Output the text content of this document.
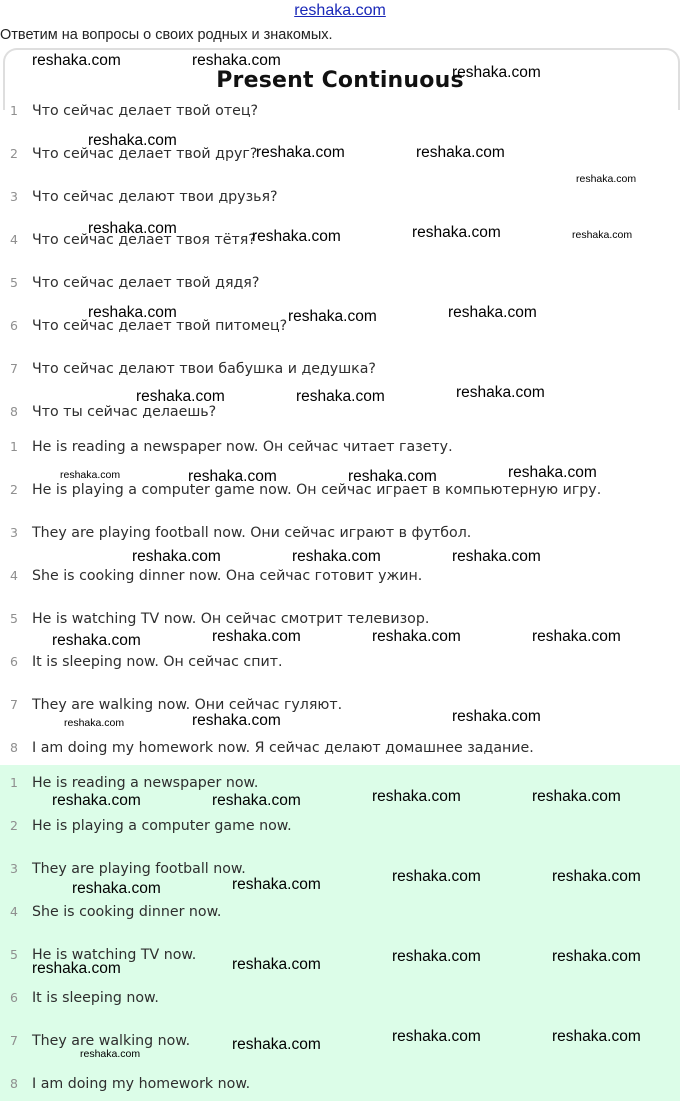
reshaka.com
Ответим на вопросы о своих родных и знакомых.
Present Continuous
1 Что сейчас делает твой отец?
2 Что сейчас делает твой друг?
3 Что сейчас делают твои друзья?
4 Что сейчас делает твоя тётя?
5 Что сейчас делает твой дядя?
6 Что сейчас делает твой питомец?
7 Что сейчас делают твои бабушка и дедушка?
8 Что ты сейчас делаешь?
1 He is reading a newspaper now. Он сейчас читает газету.
2 He is playing a computer game now. Он сейчас играет в компьютерную игру.
3 They are playing football now. Они сейчас играют в футбол.
4 She is cooking dinner now. Она сейчас готовит ужин.
5 He is watching TV now. Он сейчас смотрит телевизор.
6 It is sleeping now. Он сейчас спит.
7 They are walking now. Они сейчас гуляют.
8 I am doing my homework now. Я сейчас делают домашнее задание.
1 He is reading a newspaper now.
2 He is playing a computer game now.
3 They are playing football now.
4 She is cooking dinner now.
5 He is watching TV now.
6 It is sleeping now.
7 They are walking now.
8 I am doing my homework now.
reshaka.com	reshaka.com
reshaka.com
reshaka.com
reshaka.com	reshaka.com
reshaka.com
reshaka.com	reshaka.com	reshaka.com	reshaka.com
reshaka.com	reshaka.com	reshaka.com
reshaka.com	reshaka.com	reshaka.com
reshaka.com	reshaka.com	reshaka.com	reshaka.com
reshaka.com	reshaka.com	reshaka.com
reshaka.com	reshaka.com	reshaka.com	reshaka.com
reshaka.com	reshaka.com	reshaka.com
reshaka.com	reshaka.com	reshaka.com	reshaka.com
reshaka.com	reshaka.com	reshaka.com	reshaka.com
reshaka.com	reshaka.com	reshaka.com	reshaka.com
reshaka.com
reshaka.com	reshaka.com	reshaka.com
